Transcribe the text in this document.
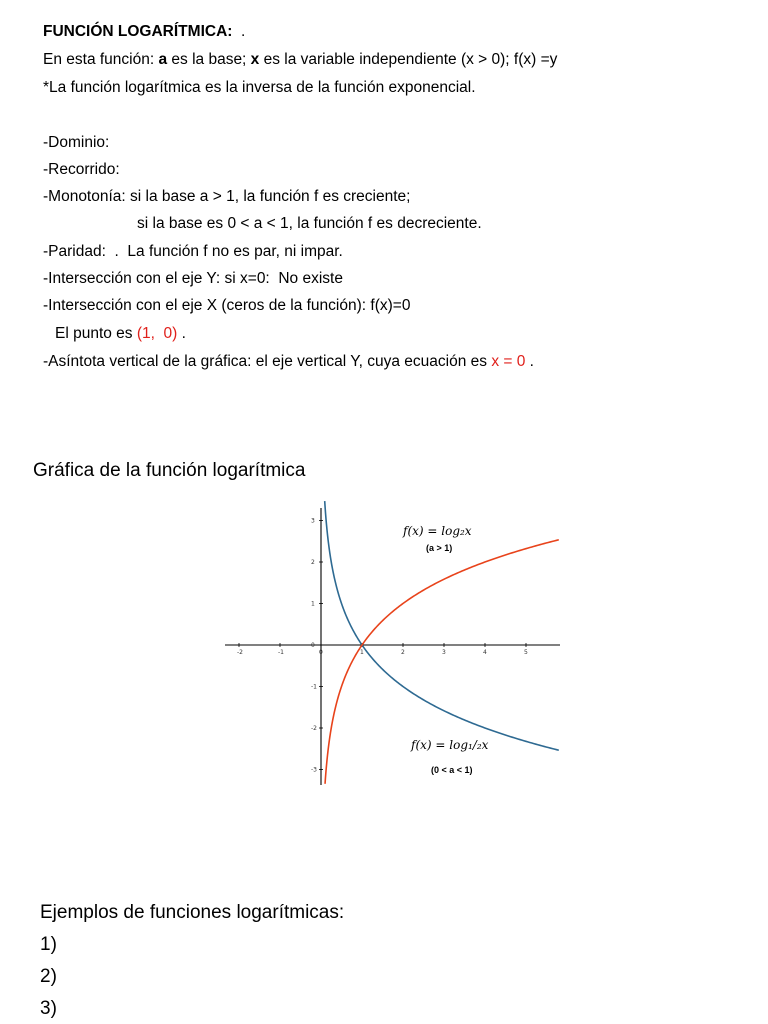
FUNCIÓN LOGARÍTMICA:  .
En esta función: a es la base; x es la variable independiente (x > 0); f(x) =y
*La función logarítmica es la inversa de la función exponencial.
-Dominio:
-Recorrido:
-Monotonía: si la base a > 1, la función f es creciente;
si la base es 0 < a < 1, la función f es decreciente.
-Paridad:  .  La función f no es par, ni impar.
-Intersección con el eje Y: si x=0:  No existe
-Intersección con el eje X (ceros de la función): f(x)=0
El punto es (1,  0) .
-Asíntota vertical de la gráfica: el eje vertical Y, cuya ecuación es x = 0 .
Gráfica de la función logarítmica
-2	-1	0	1	2	3	4	5
3
2
1
0
-1
-2
-3
f(x) = log₂x
(a > 1)
f(x) = log₁/₂x
(0 < a < 1)
Ejemplos de funciones logarítmicas:
1)
2)
3)
